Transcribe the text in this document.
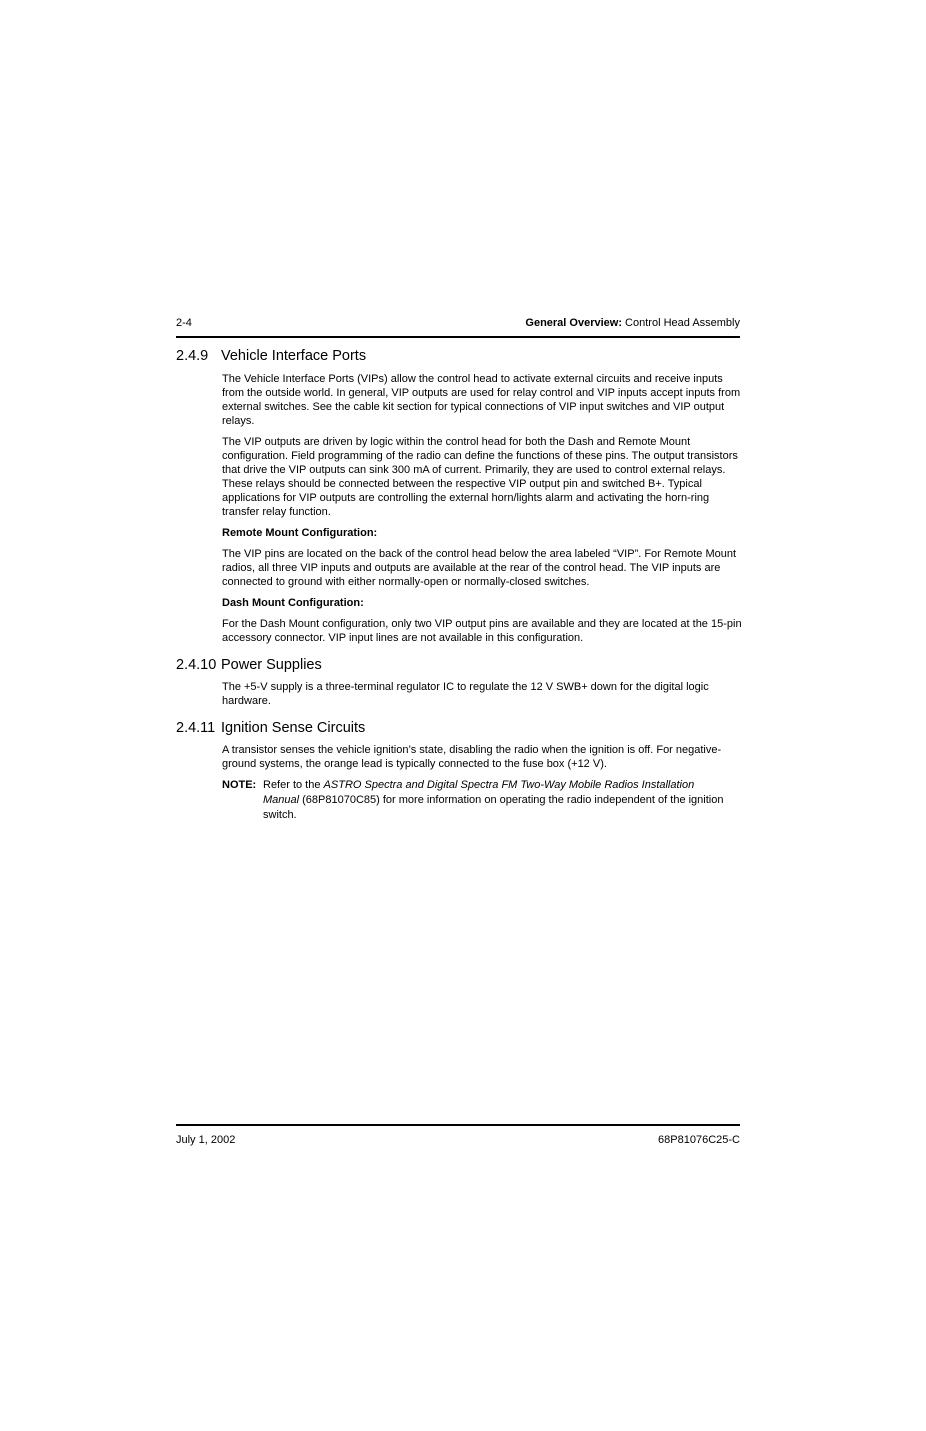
2-4	General Overview: Control Head Assembly
2.4.9 Vehicle Interface Ports

The Vehicle Interface Ports (VIPs) allow the control head to activate external circuits and receive inputs from the outside world. In general, VIP outputs are used for relay control and VIP inputs accept inputs from external switches. See the cable kit section for typical connections of VIP input switches and VIP output relays.

The VIP outputs are driven by logic within the control head for both the Dash and Remote Mount configuration. Field programming of the radio can define the functions of these pins. The output transistors that drive the VIP outputs can sink 300 mA of current. Primarily, they are used to control external relays. These relays should be connected between the respective VIP output pin and switched B+. Typical applications for VIP outputs are controlling the external horn/lights alarm and activating the horn-ring transfer relay function.

Remote Mount Configuration:

The VIP pins are located on the back of the control head below the area labeled “VIP”. For Remote Mount radios, all three VIP inputs and outputs are available at the rear of the control head. The VIP inputs are connected to ground with either normally-open or normally-closed switches.

Dash Mount Configuration:

For the Dash Mount configuration, only two VIP output pins are available and they are located at the 15-pin accessory connector. VIP input lines are not available in this configuration.

2.4.10 Power Supplies

The +5-V supply is a three-terminal regulator IC to regulate the 12 V SWB+ down for the digital logic hardware.

2.4.11 Ignition Sense Circuits

A transistor senses the vehicle ignition’s state, disabling the radio when the ignition is off. For negative-ground systems, the orange lead is typically connected to the fuse box (+12 V).

NOTE: Refer to the ASTRO Spectra and Digital Spectra FM Two-Way Mobile Radios Installation Manual (68P81070C85) for more information on operating the radio independent of the ignition switch.
July 1, 2002	68P81076C25-C
